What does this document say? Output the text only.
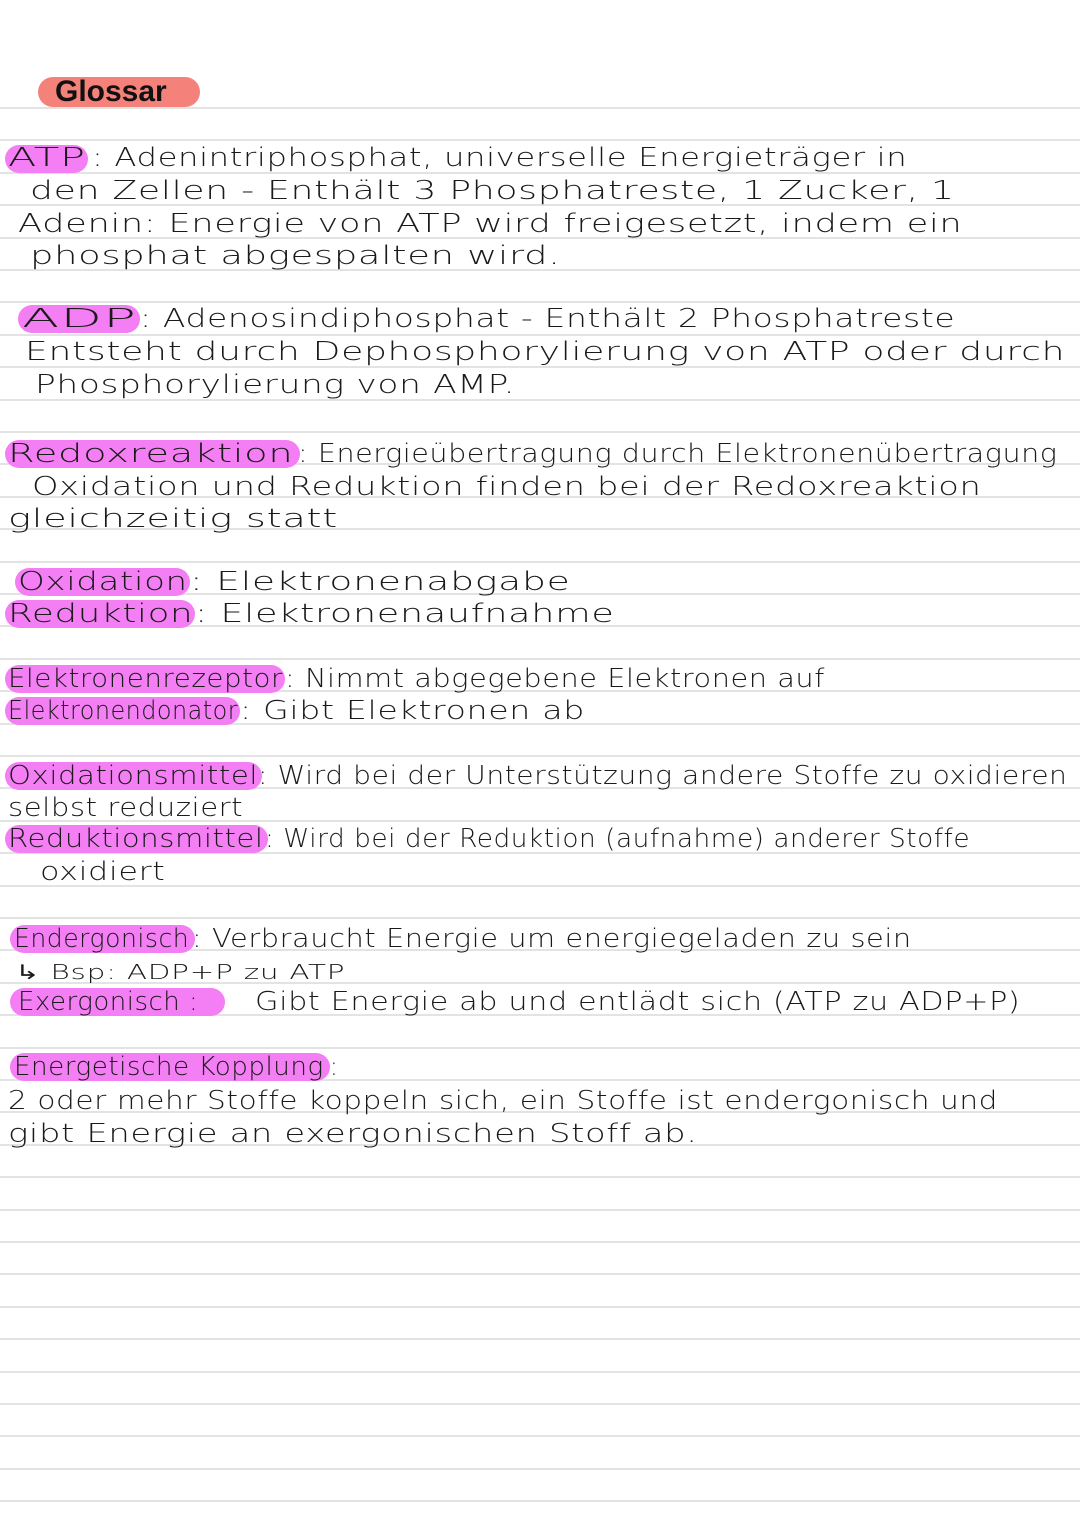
Glossar
ATP
ADP
Redoxreaktion
Oxidation
Reduktion
Elektronenrezeptor
Elektronendonator
Oxidationsmittel
Reduktionsmittel
Endergonisch
Exergonisch :
Energetische Kopplung
: Adenintriphosphat, universelle Energieträger in
den Zellen - Enthält 3 Phosphatreste, 1 Zucker, 1
Adenin: Energie von ATP wird freigesetzt, indem ein
phosphat abgespalten wird.
: Adenosindiphosphat - Enthält 2 Phosphatreste
Entsteht durch Dephosphorylierung von ATP oder durch
Phosphorylierung von AMP.
: Energieübertragung durch Elektronenübertragung
Oxidation und Reduktion finden bei der Redoxreaktion
gleichzeitig statt
: Elektronenabgabe
: Elektronenaufnahme
: Nimmt abgegebene Elektronen auf
: Gibt Elektronen ab
: Wird bei der Unterstützung andere Stoffe zu oxidieren
selbst reduziert
: Wird bei der Reduktion (aufnahme) anderer Stoffe
oxidiert
: Verbraucht Energie um energiegeladen zu sein
↳ Bsp: ADP+P zu ATP
Gibt Energie ab und entlädt sich (ATP zu ADP+P)
:
2 oder mehr Stoffe koppeln sich, ein Stoffe ist endergonisch und
gibt Energie an exergonischen Stoff ab.
